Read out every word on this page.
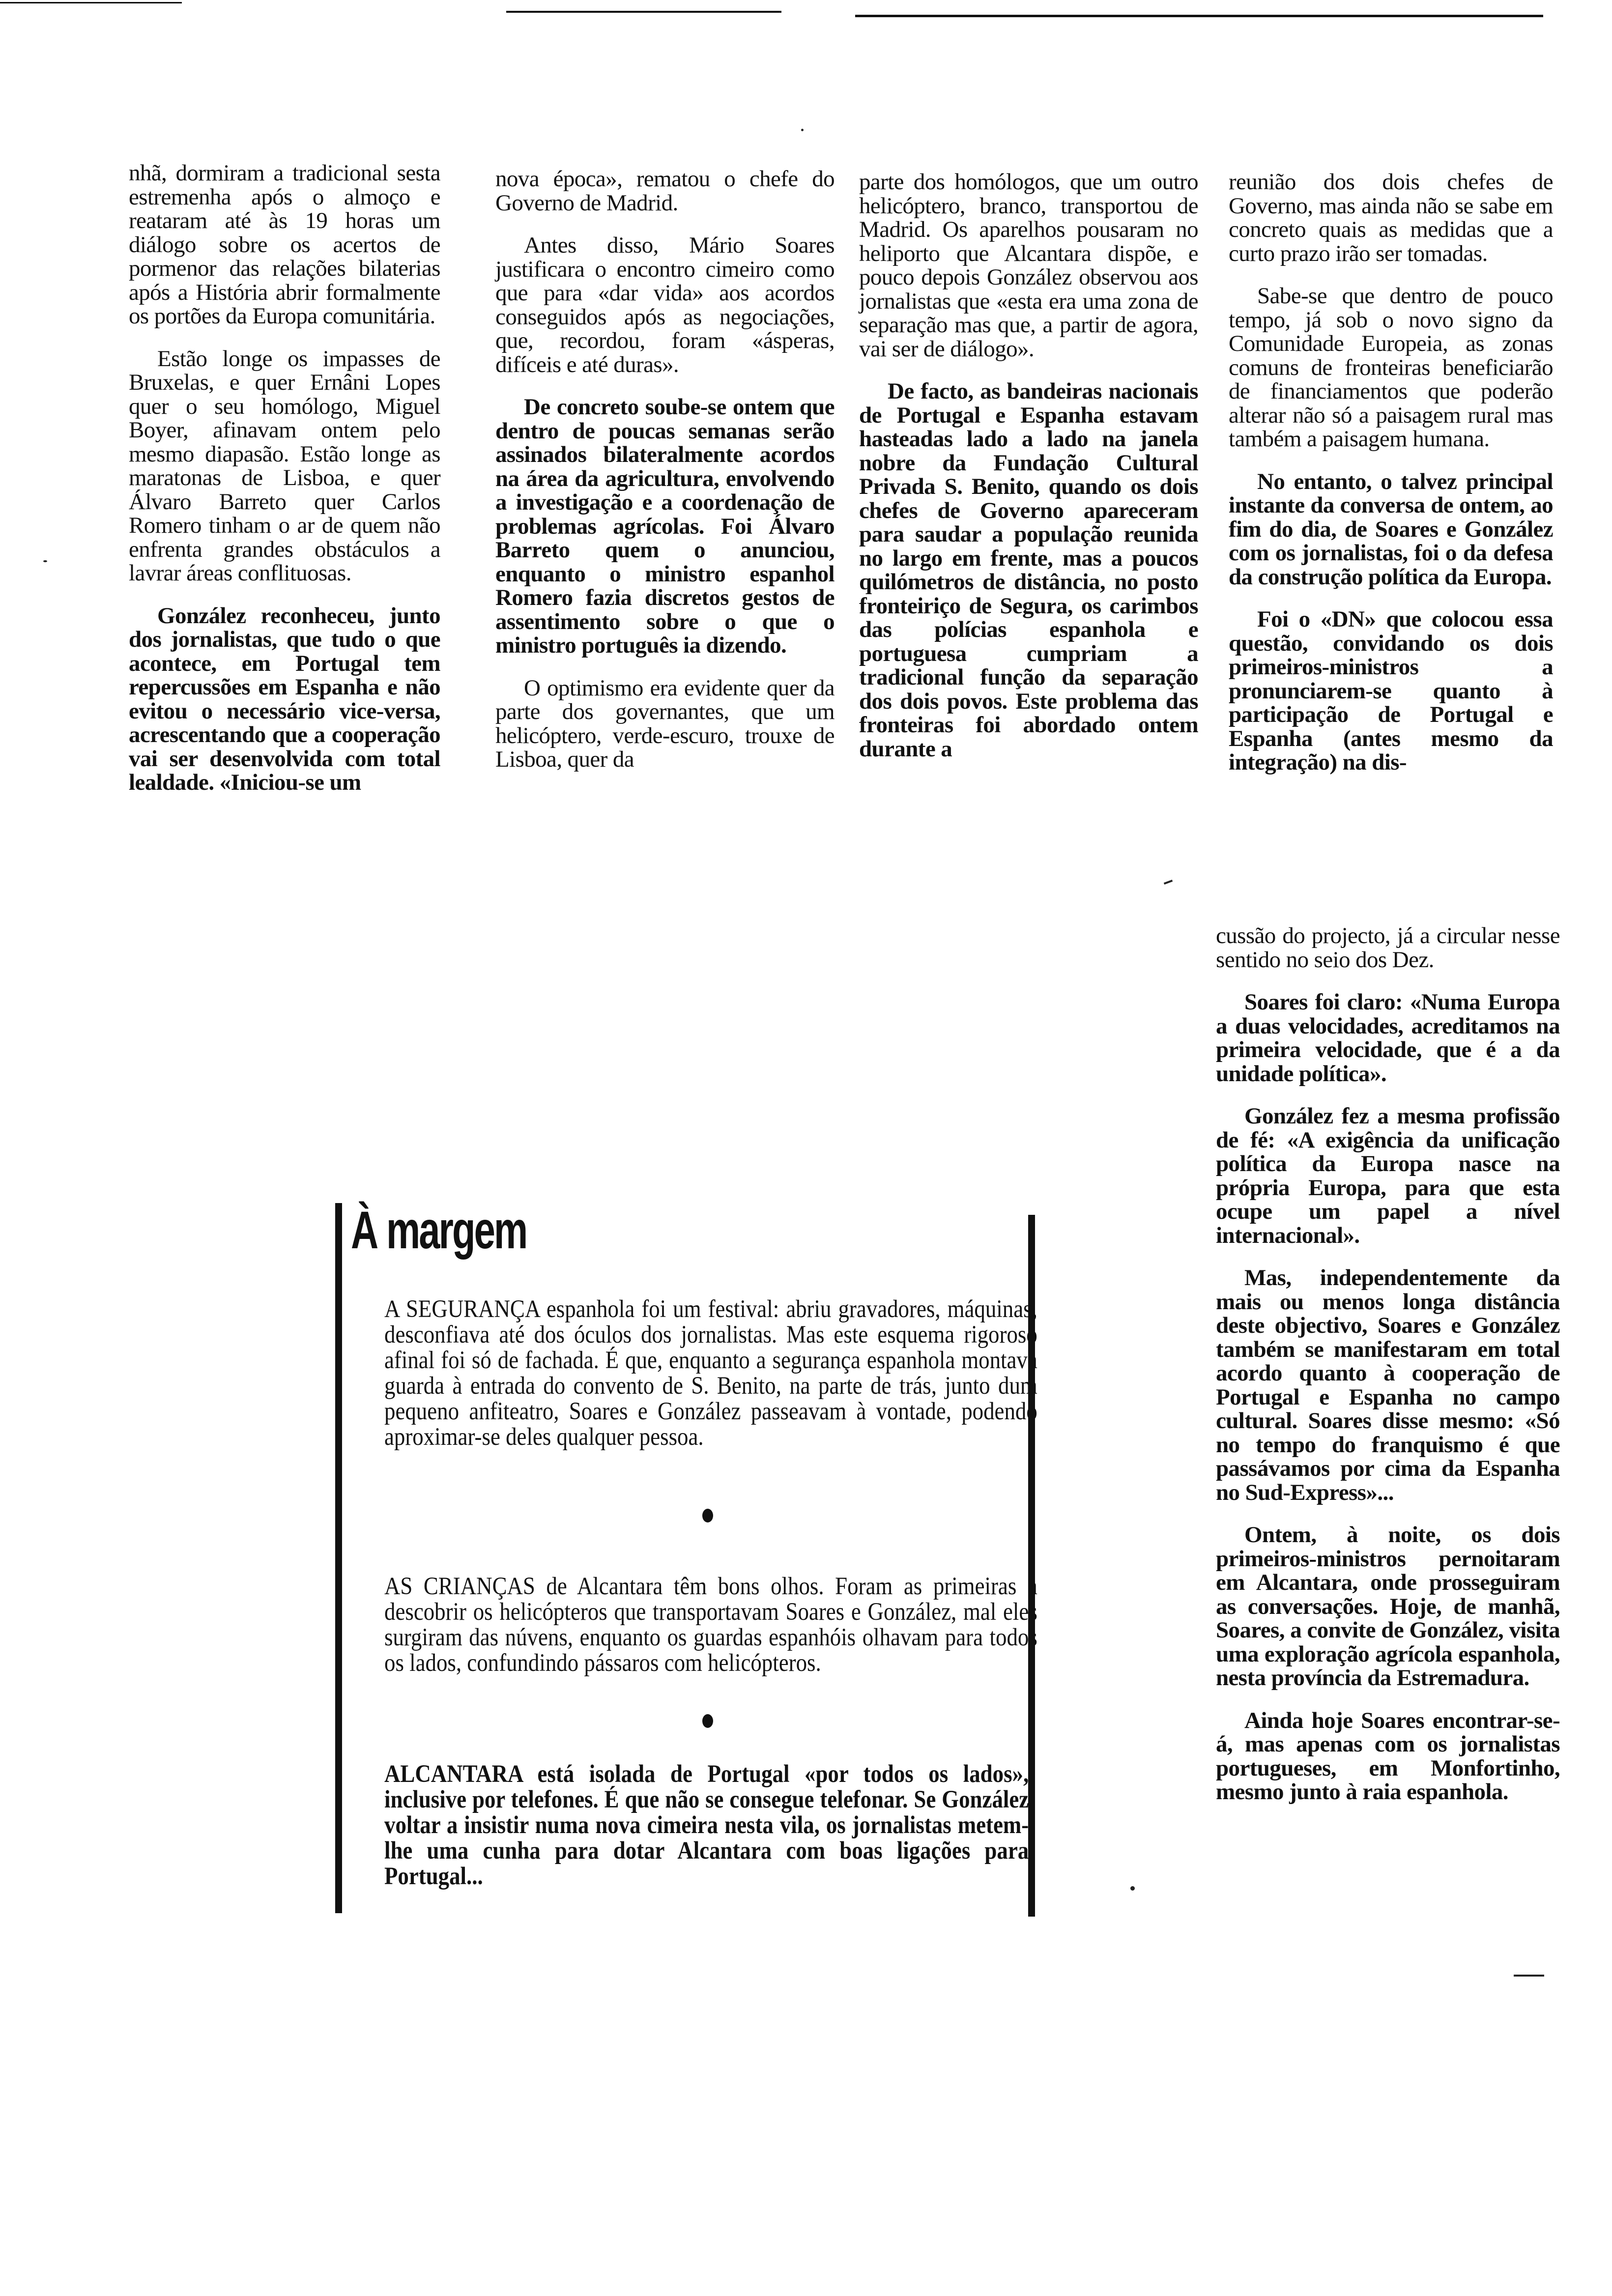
nhã, dormiram a tradicional sesta estremenha após o almoço e reataram até às 19 horas um diálogo sobre os acertos de pormenor das relações bilaterias após a História abrir formalmente os portões da Europa comunitária.

Estão longe os impasses de Bruxelas, e quer Ernâni Lopes quer o seu homólogo, Miguel Boyer, afinavam ontem pelo mesmo diapasão. Estão longe as maratonas de Lisboa, e quer Álvaro Barreto quer Carlos Romero tinham o ar de quem não enfrenta grandes obstáculos a lavrar áreas conflituosas.

González reconheceu, junto dos jornalistas, que tudo o que acontece, em Portugal tem repercussões em Espanha e não evitou o necessário vice-versa, acrescentando que a cooperação vai ser desenvolvida com total lealdade. «Iniciou-se um

nova época», rematou o chefe do Governo de Madrid.

Antes disso, Mário Soares justificara o encontro cimeiro como que para «dar vida» aos acordos conseguidos após as negociações, que, recordou, foram «ásperas, difíceis e até duras».

De concreto soube-se ontem que dentro de poucas semanas serão assinados bilateralmente acordos na área da agricultura, envolvendo a investigação e a coordenação de problemas agrícolas. Foi Álvaro Barreto quem o anunciou, enquanto o ministro espanhol Romero fazia discretos gestos de assentimento sobre o que o ministro português ia dizendo.

O optimismo era evidente quer da parte dos governantes, que um helicóptero, verde-escuro, trouxe de Lisboa, quer da

parte dos homólogos, que um outro helicóptero, branco, transportou de Madrid. Os aparelhos pousaram no heliporto que Alcantara dispõe, e pouco depois González observou aos jornalistas que «esta era uma zona de separação mas que, a partir de agora, vai ser de diálogo».

De facto, as bandeiras nacionais de Portugal e Espanha estavam hasteadas lado a lado na janela nobre da Fundação Cultural Privada S. Benito, quando os dois chefes de Governo apareceram para saudar a população reunida no largo em frente, mas a poucos quilómetros de distância, no posto fronteiriço de Segura, os carimbos das polícias espanhola e portuguesa cumpriam a tradicional função da separação dos dois povos. Este problema das fronteiras foi abordado ontem durante a

reunião dos dois chefes de Governo, mas ainda não se sabe em concreto quais as medidas que a curto prazo irão ser tomadas.

Sabe-se que dentro de pouco tempo, já sob o novo signo da Comunidade Europeia, as zonas comuns de fronteiras beneficiarão de financiamentos que poderão alterar não só a paisagem rural mas também a paisagem humana.

No entanto, o talvez principal instante da conversa de ontem, ao fim do dia, de Soares e González com os jornalistas, foi o da defesa da construção política da Europa.

Foi o «DN» que colocou essa questão, convidando os dois primeiros-ministros a pronunciarem-se quanto à participação de Portugal e Espanha (antes mesmo da integração) na dis-

cussão do projecto, já a circular nesse sentido no seio dos Dez.

Soares foi claro: «Numa Europa a duas velocidades, acreditamos na primeira velocidade, que é a da unidade política».

González fez a mesma profissão de fé: «A exigência da unificação política da Europa nasce na própria Europa, para que esta ocupe um papel a nível internacional».

Mas, independentemente da mais ou menos longa distância deste objectivo, Soares e González também se manifestaram em total acordo quanto à cooperação de Portugal e Espanha no campo cultural. Soares disse mesmo: «Só no tempo do franquismo é que passávamos por cima da Espanha no Sud-Express»...

Ontem, à noite, os dois primeiros-ministros pernoitaram em Alcantara, onde prosseguiram as conversações. Hoje, de manhã, Soares, a convite de González, visita uma exploração agrícola espanhola, nesta província da Estremadura.

Ainda hoje Soares encontrar-se-á, mas apenas com os jornalistas portugueses, em Monfortinho, mesmo junto à raia espanhola.

À margem
A SEGURANÇA espanhola foi um festival: abriu gravadores, máquinas, desconfiava até dos óculos dos jornalistas. Mas este esquema rigoroso afinal foi só de fachada. É que, enquanto a segurança espanhola montava guarda à entrada do convento de S. Benito, na parte de trás, junto dum pequeno anfiteatro, Soares e González passeavam à vontade, podendo aproximar-se deles qualquer pessoa.
AS CRIANÇAS de Alcantara têm bons olhos. Foram as primeiras a descobrir os helicópteros que transportavam Soares e González, mal eles surgiram das núvens, enquanto os guardas espanhóis olhavam para todos os lados, confundindo pássaros com helicópteros.
ALCANTARA está isolada de Portugal «por todos os lados», inclusive por telefones. É que não se consegue telefonar. Se González voltar a insistir numa nova cimeira nesta vila, os jornalistas metem-lhe uma cunha para dotar Alcantara com boas ligações para Portugal...
